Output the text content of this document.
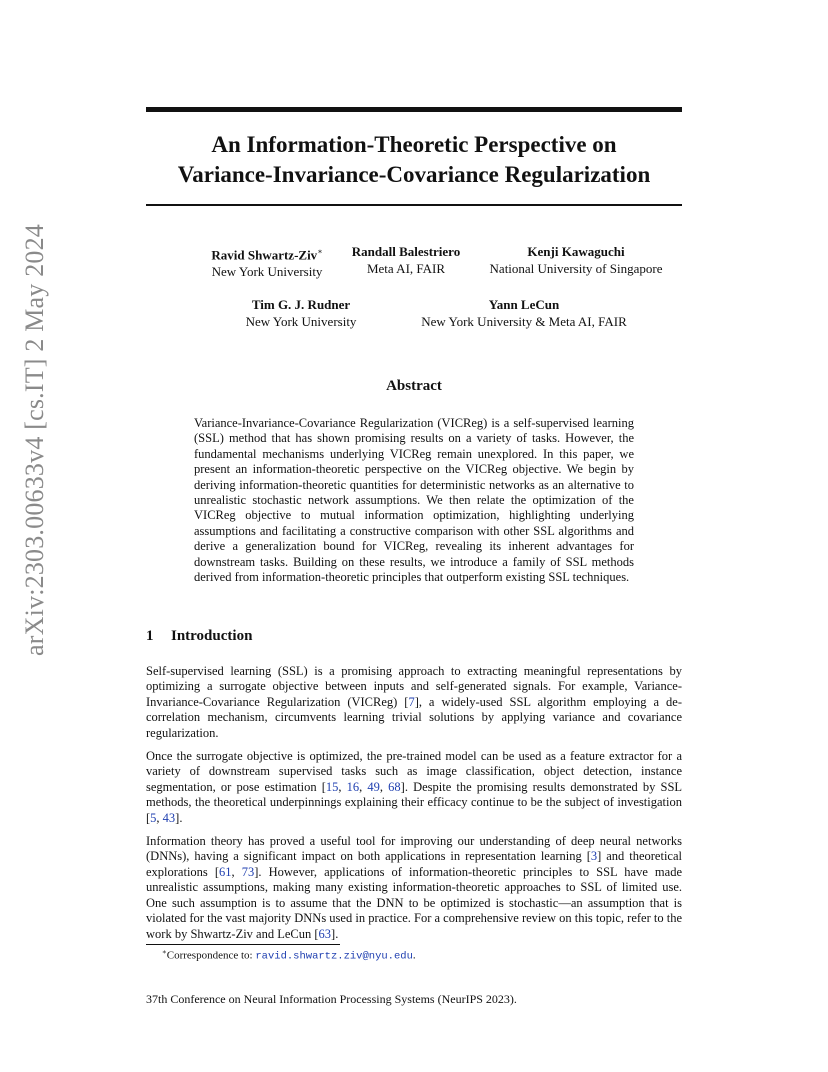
arXiv:2303.00633v4 [cs.IT] 2 May 2024
An Information-Theoretic Perspective on
Variance-Invariance-Covariance Regularization
Ravid Shwartz-Ziv∗
New York University
Randall Balestriero
Meta AI, FAIR
Kenji Kawaguchi
National University of Singapore
Tim G. J. Rudner
New York University
Yann LeCun
New York University & Meta AI, FAIR
Abstract
Variance-Invariance-Covariance Regularization (VICReg) is a self-supervised learning (SSL) method that has shown promising results on a variety of tasks. However, the fundamental mechanisms underlying VICReg remain unexplored. In this paper, we present an information-theoretic perspective on the VICReg objective. We begin by deriving information-theoretic quantities for deterministic networks as an alternative to unrealistic stochastic network assumptions. We then relate the optimization of the VICReg objective to mutual information optimization, highlighting underlying assumptions and facilitating a constructive comparison with other SSL algorithms and derive a generalization bound for VICReg, revealing its inherent advantages for downstream tasks. Building on these results, we introduce a family of SSL methods derived from information-theoretic principles that outperform existing SSL techniques.
1 Introduction

Self-supervised learning (SSL) is a promising approach to extracting meaningful representations by optimizing a surrogate objective between inputs and self-generated signals. For example, Variance-Invariance-Covariance Regularization (VICReg) [7], a widely-used SSL algorithm employing a de-correlation mechanism, circumvents learning trivial solutions by applying variance and covariance regularization.

Once the surrogate objective is optimized, the pre-trained model can be used as a feature extractor for a variety of downstream supervised tasks such as image classification, object detection, instance segmentation, or pose estimation [15, 16, 49, 68]. Despite the promising results demonstrated by SSL methods, the theoretical underpinnings explaining their efficacy continue to be the subject of investigation [5, 43].

Information theory has proved a useful tool for improving our understanding of deep neural networks (DNNs), having a significant impact on both applications in representation learning [3] and theoretical explorations [61, 73]. However, applications of information-theoretic principles to SSL have made unrealistic assumptions, making many existing information-theoretic approaches to SSL of limited use. One such assumption is to assume that the DNN to be optimized is stochastic—an assumption that is violated for the vast majority DNNs used in practice. For a comprehensive review on this topic, refer to the work by Shwartz-Ziv and LeCun [63].

∗Correspondence to: ravid.shwartz.ziv@nyu.edu.
37th Conference on Neural Information Processing Systems (NeurIPS 2023).
